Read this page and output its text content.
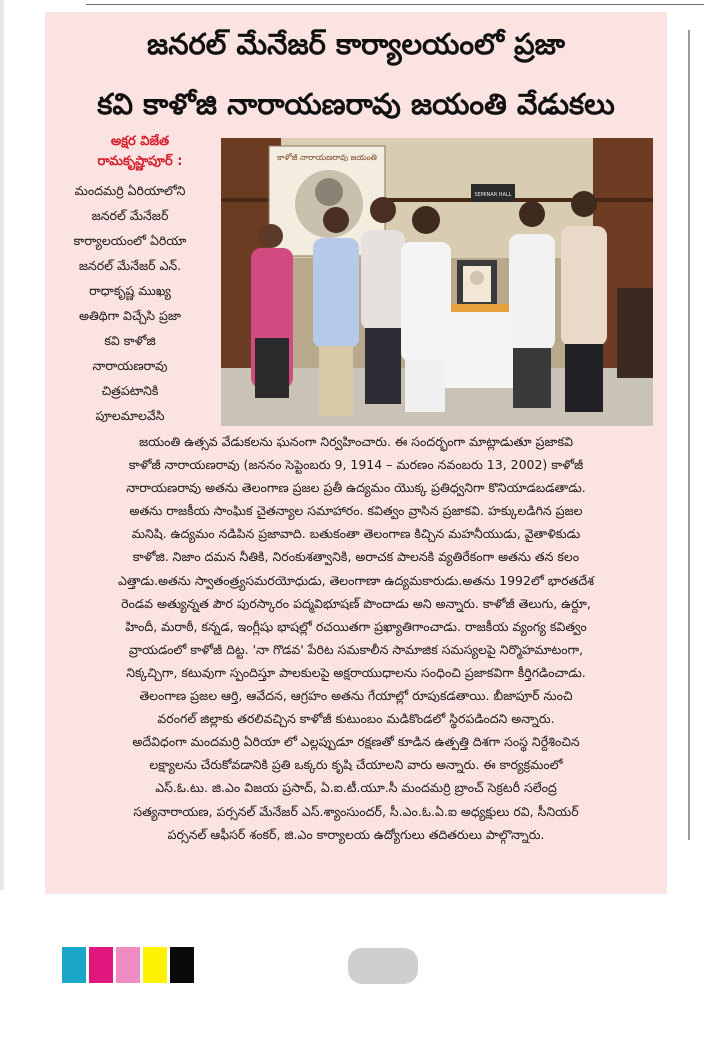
జనరల్ మేనేజర్ కార్యాలయంలో ప్రజా
కవి కాళోజి నారాయణరావు జయంతి వేడుకలు
అక్షర విజేత
రామకృష్ణాపూర్ :	కాళోజీ నారాయణరావు జయంతి
SEMINAR HALL
మందమర్రి ఏరియాలోని
జనరల్ మేనేజర్
కార్యాలయంలో ఏరియా
జనరల్ మేనేజర్ ఎన్.
రాధాకృష్ణ ముఖ్య
అతిథిగా విచ్చేసి ప్రజా
కవి కాళోజి
నారాయణరావు
చిత్రపటానికి
పూలమాలవేసి
జయంతి ఉత్సవ వేడుకలను ఘనంగా నిర్వహించారు. ఈ సందర్భంగా మాట్లాడుతూ ప్రజాకవి
కాళోజీ నారాయణరావు (జననం సెప్టెంబరు 9, 1914 – మరణం నవంబరు 13, 2002) కాళోజీ
నారాయణరావు అతను తెలంగాణ ప్రజల ప్రతీ ఉద్యమం యొక్క ప్రతిధ్వనిగా కొనియాడబడతాడు.
అతను రాజకీయ సాంఘిక చైతన్యాల సమాహారం. కవిత్వం వ్రాసిన ప్రజాకవి. హక్కులడిగిన ప్రజల
మనిషి. ఉద్యమం నడిపిన ప్రజావాది. బతుకంతా తెలంగాణ కిచ్చిన మహనీయుడు, వైతాళికుడు
కాళోజి. నిజాం దమన నీతికి, నిరంకుశత్వానికి, అరాచక పాలనకి వ్యతిరేకంగా అతను తన కలం
ఎత్తాడు.అతను స్వాతంత్ర్యసమరయోధుడు, తెలంగాణా ఉద్యమకారుడు.అతను 1992లో భారతదేశ
రెండవ అత్యున్నత పౌర పురస్కారం పద్మవిభూషణ్ పొందాడు అని అన్నారు. కాళోజీ తెలుగు, ఉర్దూ,
హిందీ, మరాఠీ, కన్నడ, ఇంగ్లీషు భాషల్లో రచయితగా ప్రఖ్యాతిగాంచాడు. రాజకీయ వ్యంగ్య కవిత్వం
వ్రాయడంలో కాళోజీ దిట్ట. 'నా గొడవ' పేరిట సమకాలీన సామాజిక సమస్యలపై నిర్మొహమాటంగా,
నిక్కచ్చిగా, కటువుగా స్పందిస్తూ పాలకులపై అక్షరాయుధాలను సంధించి ప్రజాకవిగా కీర్తిగడించాడు.
తెలంగాణ ప్రజల ఆర్తి, ఆవేదన, ఆగ్రహం అతను గేయాల్లో రూపుకడతాయి. బీజాపూర్ నుంచి
వరంగల్ జిల్లాకు తరలివచ్చిన కాళోజీ కుటుంబం మడికొండలో స్థిరపడిందని అన్నారు.
అదేవిధంగా మందమర్రి ఏరియా లో ఎల్లప్పుడూ రక్షణతో కూడిన ఉత్పత్తి దిశగా సంస్థ నిర్దేశించిన
లక్ష్యాలను చేరుకోవడానికి ప్రతి ఒక్కరు కృషి చేయాలని వారు అన్నారు. ఈ కార్యక్రమంలో
ఎస్.ఓ.టు. జి.ఎం విజయ ప్రసాద్, ఏ.ఐ.టీ.యూ.సీ మందమర్రి బ్రాంచ్ సెక్రటరీ సలేంద్ర
సత్యనారాయణ, పర్సనల్ మేనేజర్ ఎస్.శ్యాంసుందర్, సీ.ఎం.ఓ.ఏ.ఐ అధ్యక్షులు రవి, సీనియర్
పర్సనల్ ఆఫీసర్ శంకర్, జి.ఎం కార్యాలయ ఉద్యోగులు తదితరులు పాల్గొన్నారు.
